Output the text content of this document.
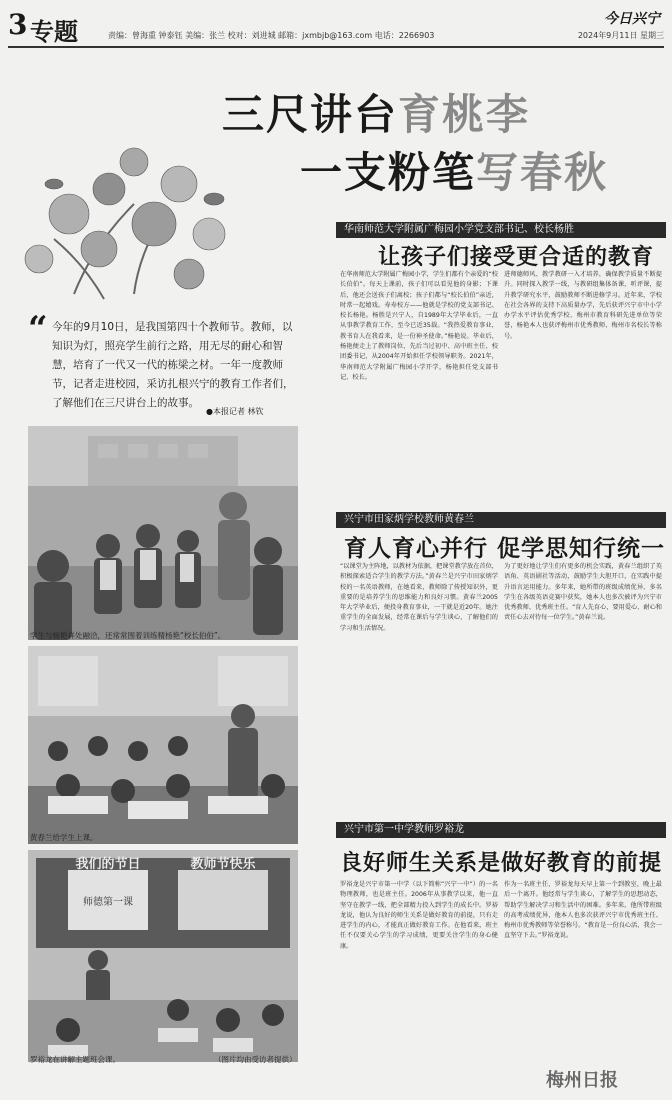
3 专题	责编：曾海重 钟泰钰 美编：张兰 校对：刘进城 邮箱：jxmbjb@163.com 电话：2266903
今日兴宁
2024年9月11日 星期三
三尺讲台育桃李
一支粉笔写春秋
“ 今年的9月10日，是我国第四十个教师节。教师，以知识为灯，照亮学生前行之路，用无尽的耐心和智慧，培育了一代又一代的栋梁之材。一年一度教师节，记者走进校园，采访扎根兴宁的教育工作者们，了解他们在三尺讲台上的故事。
●本报记者 林钦
学生与杨艳祥处融洽，还常常围着训练精杨艳“校长伯伯”。
黄春兰给学生上课。
我们的节日	教师节快乐
师德第一课
罗裕龙在讲解主题班会课。	（图片均由受访者提供）
华南师范大学附属广梅园小学党支部书记、校长杨胜
让孩子们接受更合适的教育
在华南师范大学附属广梅园小学，学生们都有个亲爱的“校长伯伯”。每天上课前，孩子们可以看见他的身影；下课后，他还会送孩子们离校；孩子们都与“校长伯伯”亲近，时常一起嬉戏。寿寿校方——他就是学校的党支部书记、校长杨艳。杨胜是兴宁人，自1989年大学毕业后，一直从事教学教育工作，至今已近35载。“我热爱教育事业，教书育人在我看来，是一份神圣使命。”杨艳说。毕业后，杨艳便走上了教师岗位，先后当过初中、高中班主任、校团委书记，从2004年开始担任学校领导职务。2021年，华南师范大学附属广梅园小学开学，杨艳担任党支部书记、校长。
进师德师风、教学教研一入才培养，确保教学质量不断提升。同时探入教学一线，与教研组集体备课，听评课，提升教学研究水平，鼓励教师不断进修学习。近年来，学校在社会各界的支持下高质量办学，先后获评兴宁市中小学办学水平评估优秀学校、梅州市教育科研先进单位等荣誉，杨艳本人也获评梅州市优秀教师、梅州市名校长等称号。
兴宁市田家炳学校教师黄春兰
育人育心并行 促学思知行统一
“以课堂为主阵地，以教材为依据，把课堂教学放在首位，积极探索适合学生的教学方法。”黄春兰是兴宁市田家炳学校的一名英语教师，在她看来，教师除了传授知识外，更重要的是培养学生的思维能力和良好习惯。黄春兰2005年大学毕业后，便投身教育事业，一干就是近20年。她注重学生的全面发展，经常在课后与学生谈心，了解他们的学习和生活情况。
为了更好地让学生们有更多的机会实践，黄春兰组织了英语角、英语剧社等活动，鼓励学生大胆开口，在实践中提升语言运用能力。多年来，她所带的班级成绩优异，多名学生在各级英语竞赛中获奖，她本人也多次被评为兴宁市优秀教师、优秀班主任。“育人先育心，要用爱心、耐心和责任心去对待每一位学生。”黄春兰说。
兴宁市第一中学教师罗裕龙
良好师生关系是做好教育的前提
罗裕龙是兴宁市第一中学（以下简称“兴宁一中”）的一名物理教师，也是班主任。2006年从事教学以来，他一直坚守在教学一线，把全部精力投入到学生的成长中。罗裕龙说，他认为良好的师生关系是做好教育的前提，只有走进学生的内心，才能真正做好教育工作。在他看来，班主任不仅要关心学生的学习成绩，更要关注学生的身心健康。
作为一名班主任，罗裕龙每天早上第一个到教室，晚上最后一个离开。他经常与学生谈心，了解学生的思想动态，帮助学生解决学习和生活中的困难。多年来，他所带班级的高考成绩优异，他本人也多次获评兴宁市优秀班主任、梅州市优秀教师等荣誉称号。“教育是一份良心活，我会一直坚守下去。”罗裕龙说。
梅州日报
